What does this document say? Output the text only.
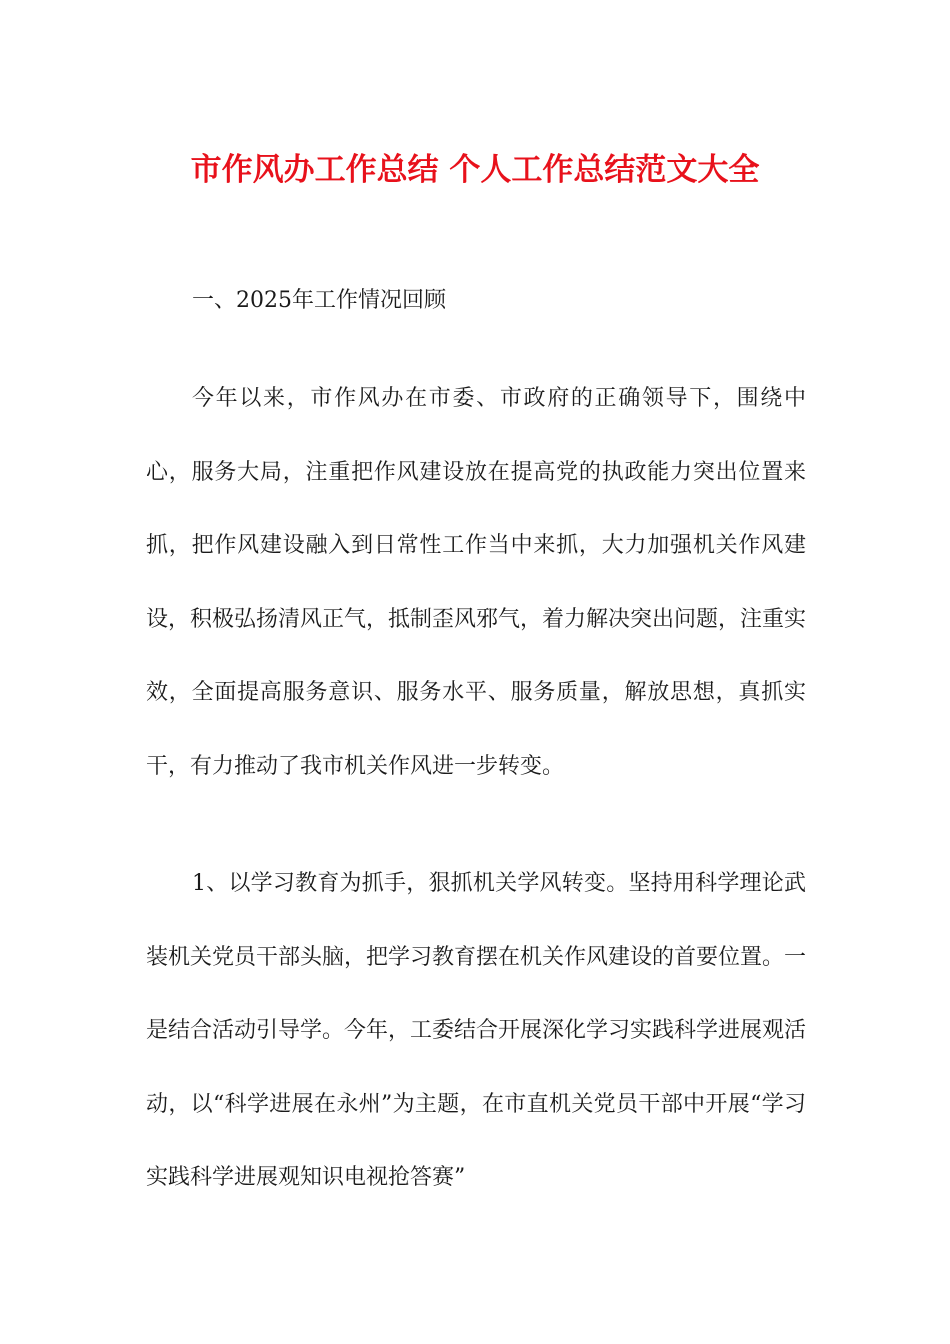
市作风办工作总结 个人工作总结范文大全

一、2025年工作情况回顾

今年以来，市作风办在市委、市政府的正确领导下，围绕中心，服务大局，注重把作风建设放在提高党的执政能力突出位置来抓，把作风建设融入到日常性工作当中来抓，大力加强机关作风建设，积极弘扬清风正气，抵制歪风邪气，着力解决突出问题，注重实效，全面提高服务意识、服务水平、服务质量，解放思想，真抓实干，有力推动了我市机关作风进一步转变。

1、以学习教育为抓手，狠抓机关学风转变。坚持用科学理论武装机关党员干部头脑，把学习教育摆在机关作风建设的首要位置。一是结合活动引导学。今年，工委结合开展深化学习实践科学进展观活动，以“科学进展在永州”为主题，在市直机关党员干部中开展“学习实践科学进展观知识电视抢答赛”
